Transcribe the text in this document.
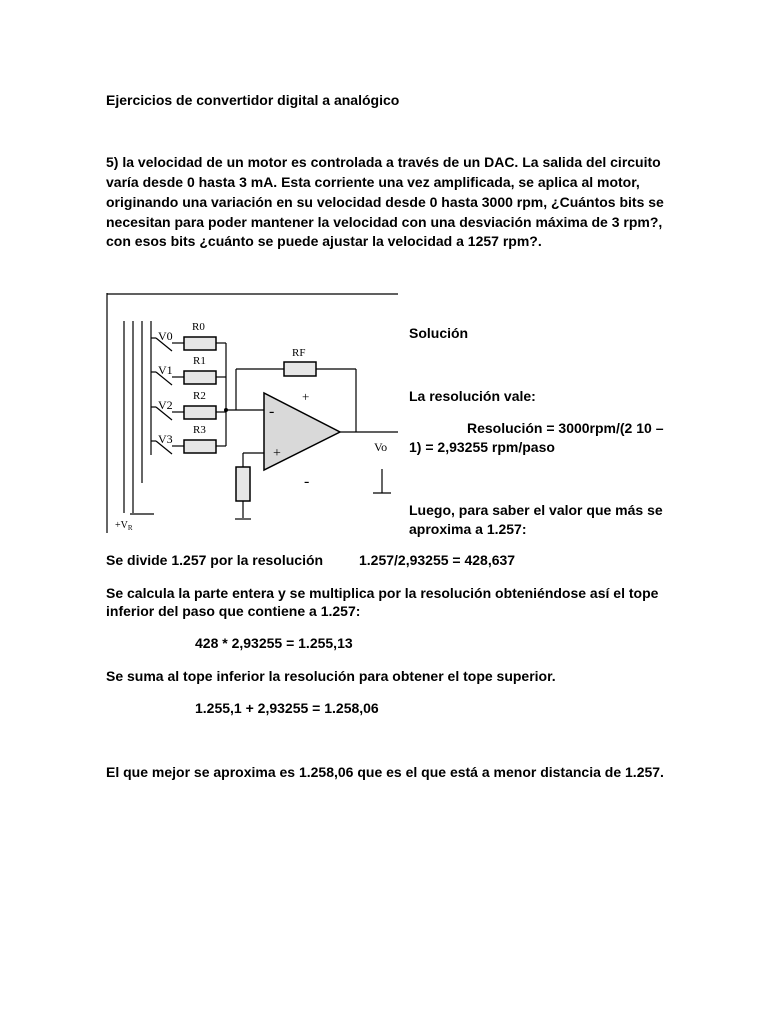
Ejercicios de convertidor digital a analógico
5) la velocidad de un motor es controlada a través de un DAC. La salida del circuito
varía desde 0 hasta 3 mA. Esta corriente una vez amplificada, se aplica al motor,
originando una variación en su velocidad desde 0 hasta 3000 rpm, ¿Cuántos bits se
necesitan para poder mantener la velocidad con una desviación máxima de 3 rpm?,
con esos bits ¿cuánto se puede ajustar la velocidad a 1257 rpm?.
V0
V1
V2
V3
R0
R1
R2
R3
RF
+
-
+
-
Vo
$+V_R$
Solución
La resolución vale:
Resolución = 3000rpm/(2 10 –
1) = 2,93255 rpm/paso
Luego, para saber el valor que más se
aproxima a 1.257:
Se divide 1.257 por la resolución	1.257/2,93255 = 428,637
Se calcula la parte entera y se multiplica por la resolución obteniéndose así el tope
inferior del paso que contiene a 1.257:
428 * 2,93255 = 1.255,13
Se suma al tope inferior la resolución para obtener el tope superior.
1.255,1 + 2,93255 = 1.258,06
El que mejor se aproxima es 1.258,06 que es el que está a menor distancia de 1.257.
